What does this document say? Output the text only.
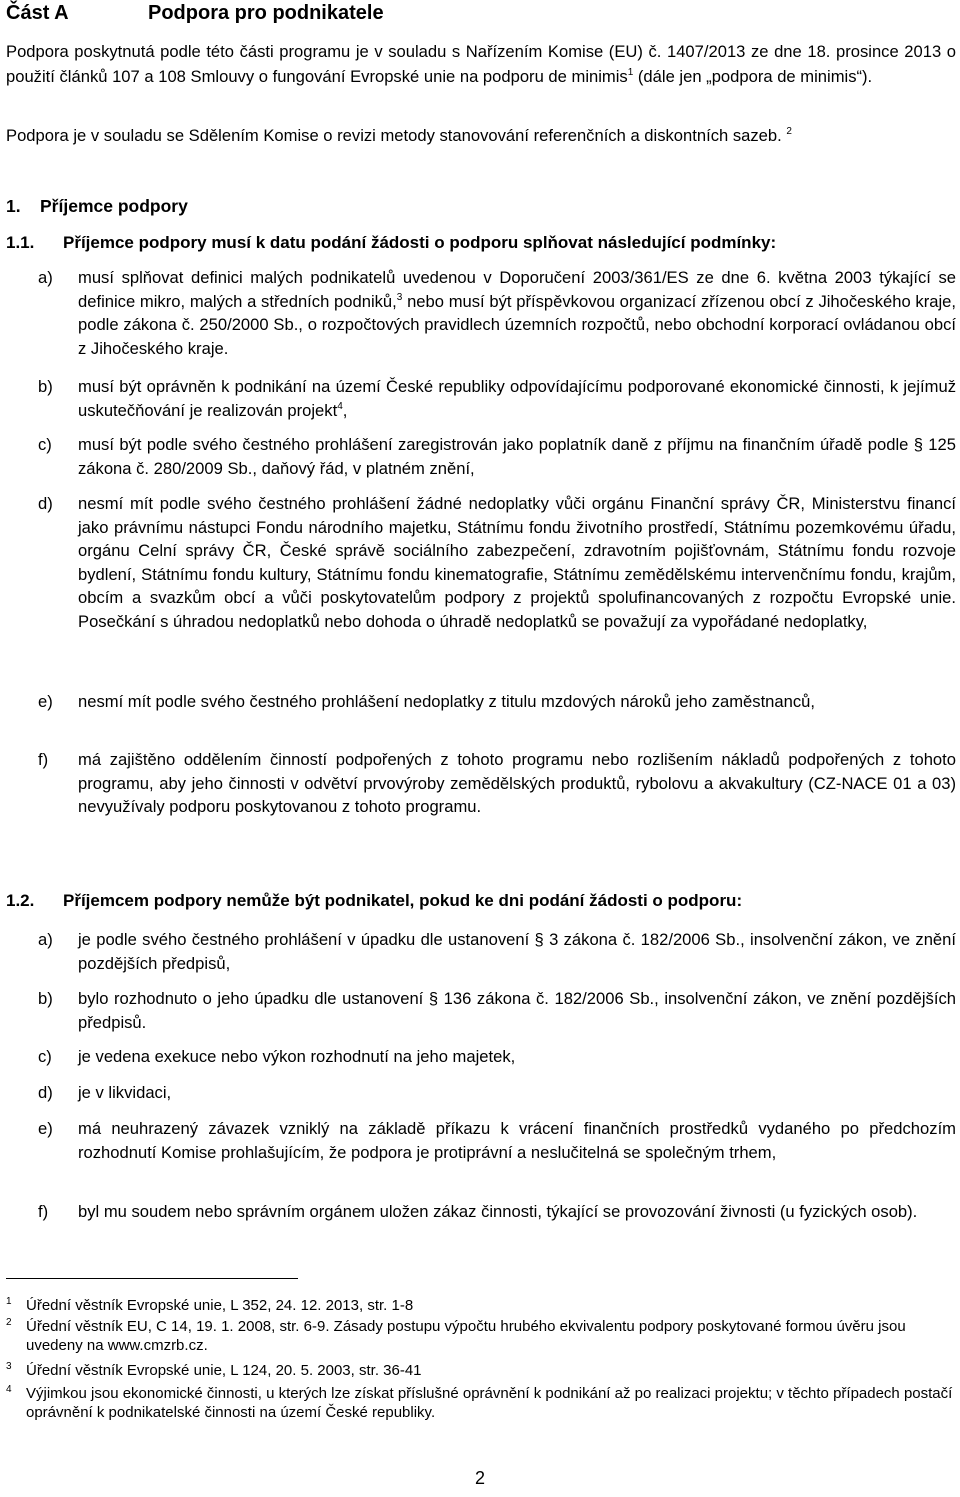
Část A	Podpora pro podnikatele
Podpora poskytnutá podle této části programu je v souladu s Nařízením Komise (EU) č. 1407/2013 ze dne 18. prosince 2013 o použití článků 107 a 108 Smlouvy o fungování Evropské unie na podporu de minimis$^1$ (dále jen „podpora de minimis“).
Podpora je v souladu se Sdělením Komise o revizi metody stanovování referenčních a diskontních sazeb. $^2$
1. Příjemce podpory
1.1. Příjemce podpory musí k datu podání žádosti o podporu splňovat následující podmínky:
a) musí splňovat definici malých podnikatelů uvedenou v Doporučení 2003/361/ES ze dne 6. května 2003 týkající se definice mikro, malých a středních podniků,$^3$ nebo musí být příspěvkovou organizací zřízenou obcí z Jihočeského kraje, podle zákona č. 250/2000 Sb., o rozpočtových pravidlech územních rozpočtů, nebo obchodní korporací ovládanou obcí z Jihočeského kraje.
b) musí být oprávněn k podnikání na území České republiky odpovídajícímu podporované ekonomické činnosti, k jejímuž uskutečňování je realizován projekt$^4$,
c) musí být podle svého čestného prohlášení zaregistrován jako poplatník daně z příjmu na finančním úřadě podle § 125 zákona č. 280/2009 Sb., daňový řád, v platném znění,
d) nesmí mít podle svého čestného prohlášení žádné nedoplatky vůči orgánu Finanční správy ČR, Ministerstvu financí jako právnímu nástupci Fondu národního majetku, Státnímu fondu životního prostředí, Státnímu pozemkovému úřadu, orgánu Celní správy ČR, České správě sociálního zabezpečení, zdravotním pojišťovnám, Státnímu fondu rozvoje bydlení, Státnímu fondu kultury, Státnímu fondu kinematografie, Státnímu zemědělskému intervenčnímu fondu, krajům, obcím a svazkům obcí a vůči poskytovatelům podpory z projektů spolufinancovaných z rozpočtu Evropské unie. Posečkání s úhradou nedoplatků nebo dohoda o úhradě nedoplatků se považují za vypořádané nedoplatky,
e) nesmí mít podle svého čestného prohlášení nedoplatky z titulu mzdových nároků jeho zaměstnanců,
f) má zajištěno oddělením činností podpořených z tohoto programu nebo rozlišením nákladů podpořených z tohoto programu, aby jeho činnosti v odvětví prvovýroby zemědělských produktů, rybolovu a akvakultury (CZ-NACE 01 a 03) nevyužívaly podporu poskytovanou z tohoto programu.
1.2. Příjemcem podpory nemůže být podnikatel, pokud ke dni podání žádosti o podporu:
a) je podle svého čestného prohlášení v úpadku dle ustanovení § 3 zákona č. 182/2006 Sb., insolvenční zákon, ve znění pozdějších předpisů,
b) bylo rozhodnuto o jeho úpadku dle ustanovení § 136 zákona č. 182/2006 Sb., insolvenční zákon, ve znění pozdějších předpisů.
c) je vedena exekuce nebo výkon rozhodnutí na jeho majetek,
d) je v likvidaci,
e) má neuhrazený závazek vzniklý na základě příkazu k vrácení finančních prostředků vydaného po předchozím rozhodnutí Komise prohlašujícím, že podpora je protiprávní a neslučitelná se společným trhem,
f) byl mu soudem nebo správním orgánem uložen zákaz činnosti, týkající se provozování živnosti (u fyzických osob).
1 Úřední věstník Evropské unie, L 352, 24. 12. 2013, str. 1-8
2 Úřední věstník EU, C 14, 19. 1. 2008, str. 6-9. Zásady postupu výpočtu hrubého ekvivalentu podpory poskytované formou úvěru jsou uvedeny na www.cmzrb.cz.
3 Úřední věstník Evropské unie, L 124, 20. 5. 2003, str. 36-41
4 Výjimkou jsou ekonomické činnosti, u kterých lze získat příslušné oprávnění k podnikání až po realizaci projektu; v těchto případech postačí oprávnění k podnikatelské činnosti na území České republiky.
2
